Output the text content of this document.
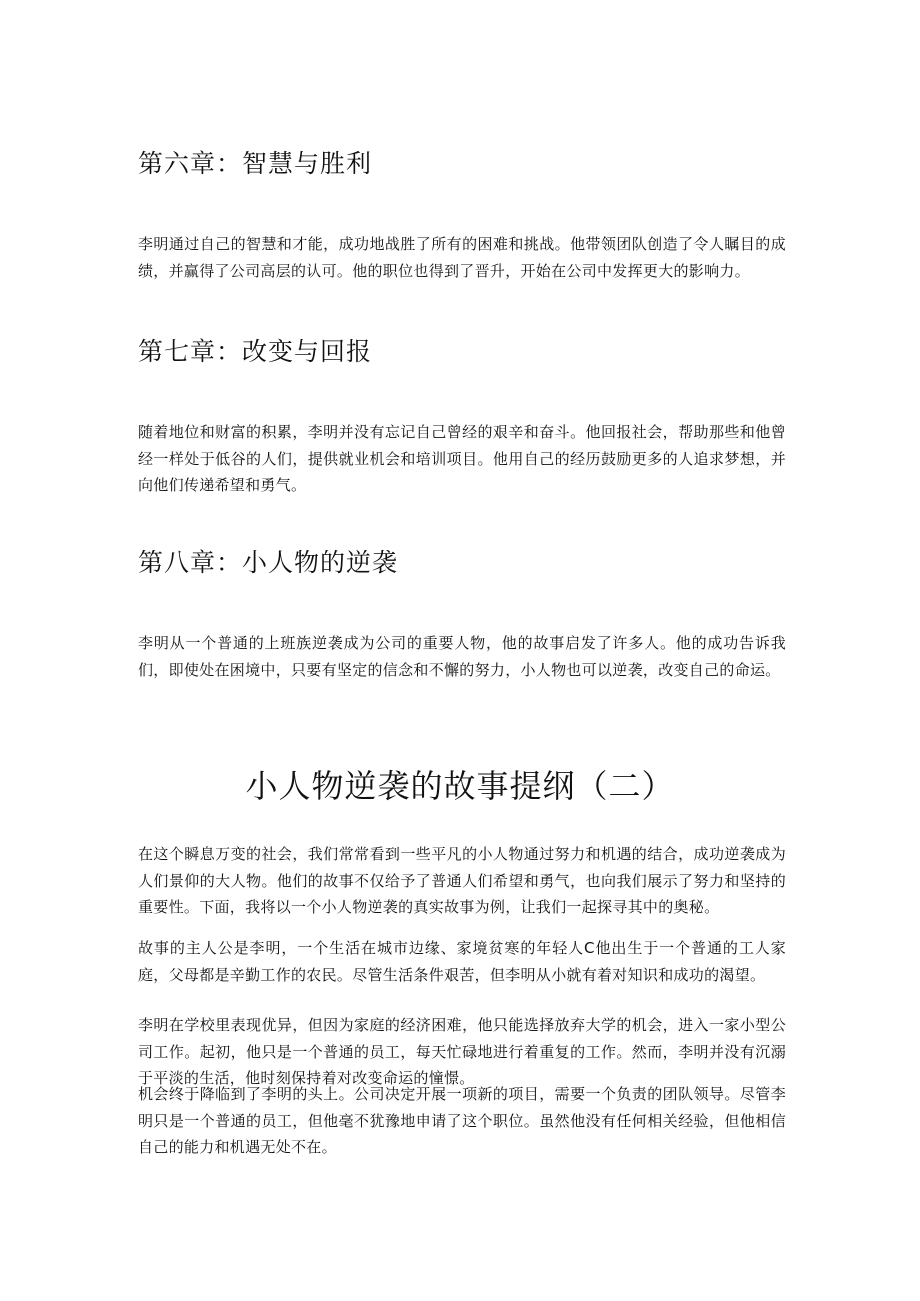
第六章：智慧与胜利

李明通过自己的智慧和才能，成功地战胜了所有的困难和挑战。他带领团队创造了令人瞩目的成绩，并赢得了公司高层的认可。他的职位也得到了晋升，开始在公司中发挥更大的影响力。

第七章：改变与回报

随着地位和财富的积累，李明并没有忘记自己曾经的艰辛和奋斗。他回报社会，帮助那些和他曾经一样处于低谷的人们，提供就业机会和培训项目。他用自己的经历鼓励更多的人追求梦想，并向他们传递希望和勇气。

第八章：小人物的逆袭

李明从一个普通的上班族逆袭成为公司的重要人物，他的故事启发了许多人。他的成功告诉我们，即使处在困境中，只要有坚定的信念和不懈的努力，小人物也可以逆袭，改变自己的命运。

小人物逆袭的故事提纲（二）

在这个瞬息万变的社会，我们常常看到一些平凡的小人物通过努力和机遇的结合，成功逆袭成为人们景仰的大人物。他们的故事不仅给予了普通人们希望和勇气，也向我们展示了努力和坚持的重要性。下面，我将以一个小人物逆袭的真实故事为例，让我们一起探寻其中的奥秘。

故事的主人公是李明，一个生活在城市边缘、家境贫寒的年轻人C他出生于一个普通的工人家庭，父母都是辛勤工作的农民。尽管生活条件艰苦，但李明从小就有着对知识和成功的渴望。

李明在学校里表现优异，但因为家庭的经济困难，他只能选择放弃大学的机会，进入一家小型公司工作。起初，他只是一个普通的员工，每天忙碌地进行着重复的工作。然而，李明并没有沉溺于平淡的生活，他时刻保持着对改变命运的憧憬。

机会终于降临到了李明的头上。公司决定开展一项新的项目，需要一个负责的团队领导。尽管李明只是一个普通的员工，但他毫不犹豫地申请了这个职位。虽然他没有任何相关经验，但他相信自己的能力和机遇无处不在。
